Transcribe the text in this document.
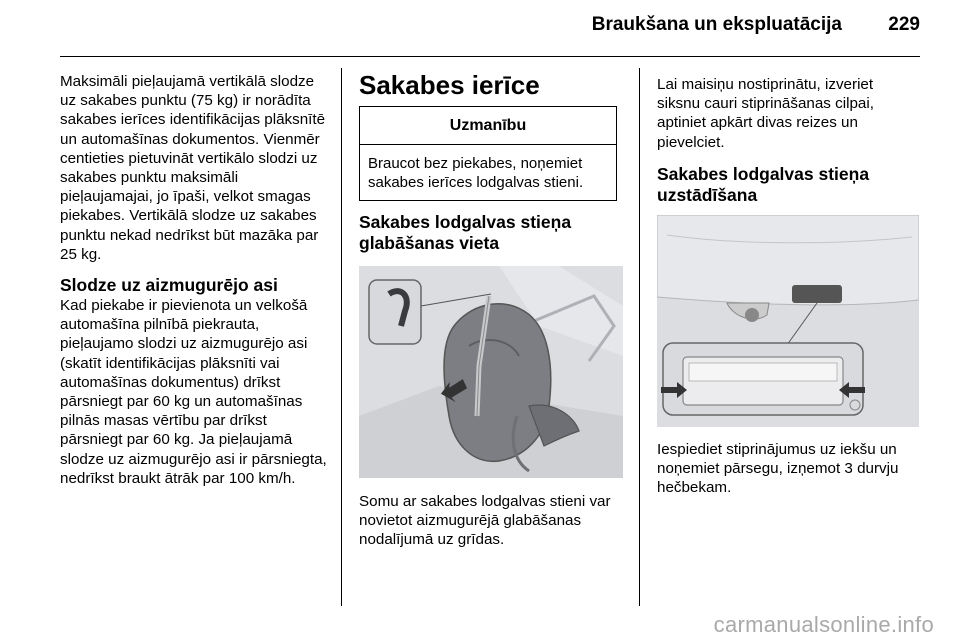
Braukšana un ekspluatācija 229

Maksimāli pieļaujamā vertikālā slodze uz sakabes punktu (75 kg) ir norādīta sakabes ierīces identifikācijas plāksnītē un automašīnas dokumentos. Vienmēr centieties pietuvināt vertikālo slodzi uz sakabes punktu maksimāli pieļaujamajai, jo īpaši, velkot smagas piekabes. Vertikālā slodze uz sakabes punktu nekad nedrīkst būt mazāka par 25 kg.

Slodze uz aizmugurējo asi

Kad piekabe ir pievienota un velkošā automašīna pilnībā piekrauta, pieļaujamo slodzi uz aizmugurējo asi (skatīt identifikācijas plāksnīti vai automašīnas dokumentus) drīkst pārsniegt par 60 kg un automašīnas pilnās masas vērtību par drīkst pārsniegt par 60 kg. Ja pieļaujamā slodze uz aizmugurējo asi ir pārsniegta, nedrīkst braukt ātrāk par 100 km/h.

Sakabes ierīce

Uzmanību
Braucot bez piekabes, noņemiet sakabes ierīces lodgalvas stieni.

Sakabes lodgalvas stieņa glabāšanas vieta

Somu ar sakabes lodgalvas stieni var novietot aizmugurējā glabāšanas nodalījumā uz grīdas.

Lai maisiņu nostiprinātu, izveriet siksnu cauri stiprināšanas cilpai, aptiniet apkārt divas reizes un pievelciet.

Sakabes lodgalvas stieņa uzstādīšana

Iespiediet stiprinājumus uz iekšu un noņemiet pārsegu, izņemot 3 durvju hečbekam.

carmanualsonline.info
